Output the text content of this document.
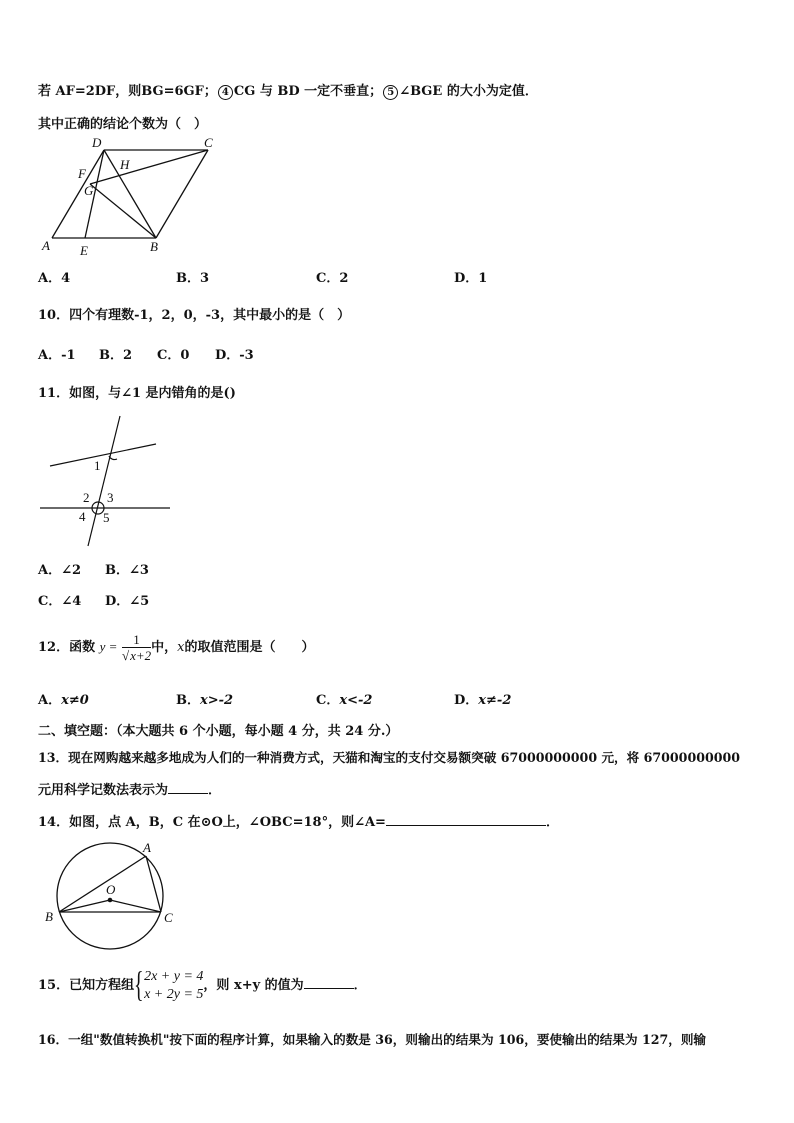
若 AF=2DF，则BG=6GF； 4 CG 与 BD 一定不垂直； 5 ∠BGE 的大小为定值．
其中正确的结论个数为（　）
D	C
H
F
G
A E	B
A．4	B．3	C．2	D．1
10．四个有理数-1，2，0，-3，其中最小的是（　）
A．-1 B．2 C．0 D．-3
11．如图，与∠1 是内错角的是()
1
2 3
4 5
A．∠2 B．∠3
C．∠4 D．∠5
12．函数 $y = \frac{1}{√x+2}$ 中，x的取值范围是（　　）
A．x≠0	B．x>-2	C．x<-2	D．x≠-2
二、填空题：（本大题共 6 个小题，每小题 4 分，共 24 分.）
13．现在网购越来越多地成为人们的一种消费方式，天猫和淘宝的支付交易额突破 67000000000 元，将 67000000000
元用科学记数法表示为	．
14．如图，点 A，B，C 在⊙O上，∠OBC=18°，则∠A=	．
A
O
B	C
15．已知方程组 { 2x + y = 4
x + 2y = 5
，则 x+y 的值为	．
16．一组"数值转换机"按下面的程序计算，如果输入的数是 36，则输出的结果为 106，要使输出的结果为 127，则输
